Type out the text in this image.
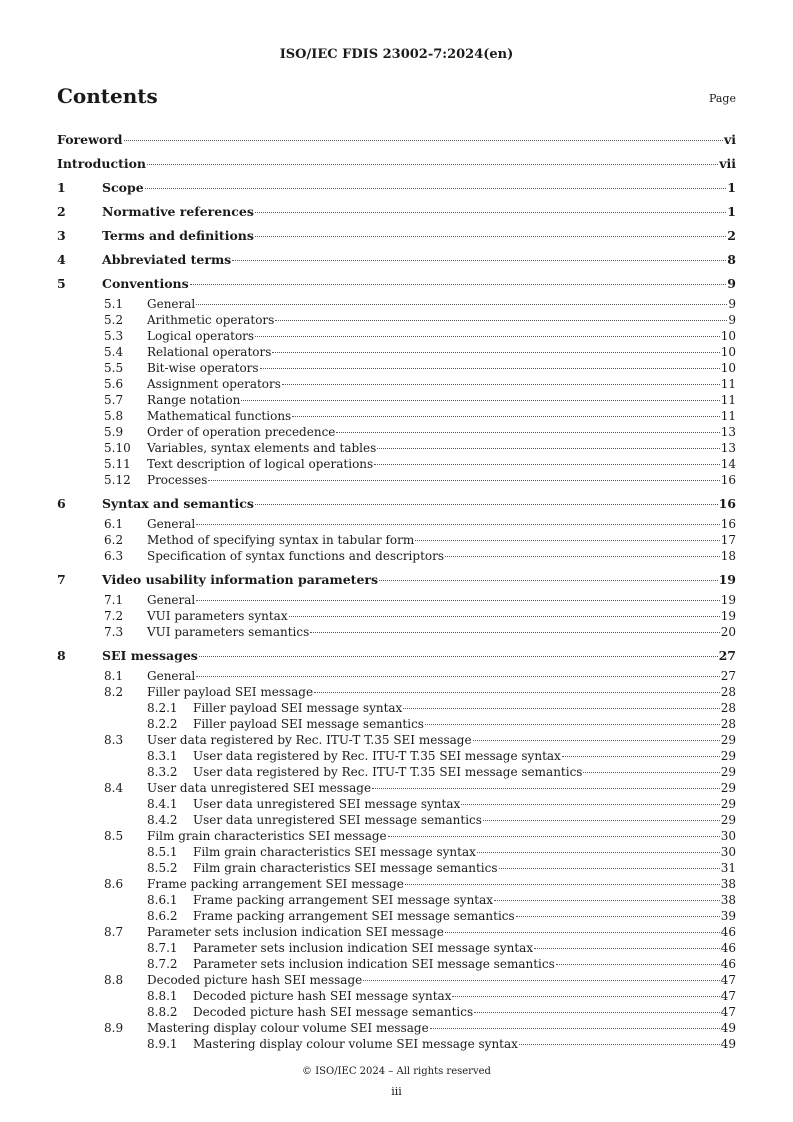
ISO/IEC FDIS 23002-7:2024(en)
Contents	Page
Foreword	vi
Introduction	vii
1	Scope	1
2	Normative references	1
3	Terms and definitions	2
4	Abbreviated terms	8
5	Conventions	9
5.1	General	9
5.2	Arithmetic operators	9
5.3	Logical operators	10
5.4	Relational operators	10
5.5	Bit-wise operators	10
5.6	Assignment operators	11
5.7	Range notation	11
5.8	Mathematical functions	11
5.9	Order of operation precedence	13
5.10	Variables, syntax elements and tables	13
5.11	Text description of logical operations	14
5.12	Processes	16
6	Syntax and semantics	16
6.1	General	16
6.2	Method of specifying syntax in tabular form	17
6.3	Specification of syntax functions and descriptors	18
7	Video usability information parameters	19
7.1	General	19
7.2	VUI parameters syntax	19
7.3	VUI parameters semantics	20
8	SEI messages	27
8.1	General	27
8.2	Filler payload SEI message	28
8.2.1	Filler payload SEI message syntax	28
8.2.2	Filler payload SEI message semantics	28
8.3	User data registered by Rec. ITU-T T.35 SEI message	29
8.3.1	User data registered by Rec. ITU-T T.35 SEI message syntax	29
8.3.2	User data registered by Rec. ITU-T T.35 SEI message semantics	29
8.4	User data unregistered SEI message	29
8.4.1	User data unregistered SEI message syntax	29
8.4.2	User data unregistered SEI message semantics	29
8.5	Film grain characteristics SEI message	30
8.5.1	Film grain characteristics SEI message syntax	30
8.5.2	Film grain characteristics SEI message semantics	31
8.6	Frame packing arrangement SEI message	38
8.6.1	Frame packing arrangement SEI message syntax	38
8.6.2	Frame packing arrangement SEI message semantics	39
8.7	Parameter sets inclusion indication SEI message	46
8.7.1	Parameter sets inclusion indication SEI message syntax	46
8.7.2	Parameter sets inclusion indication SEI message semantics	46
8.8	Decoded picture hash SEI message	47
8.8.1	Decoded picture hash SEI message syntax	47
8.8.2	Decoded picture hash SEI message semantics	47
8.9	Mastering display colour volume SEI message	49
8.9.1	Mastering display colour volume SEI message syntax	49
© ISO/IEC 2024 – All rights reserved
iii
